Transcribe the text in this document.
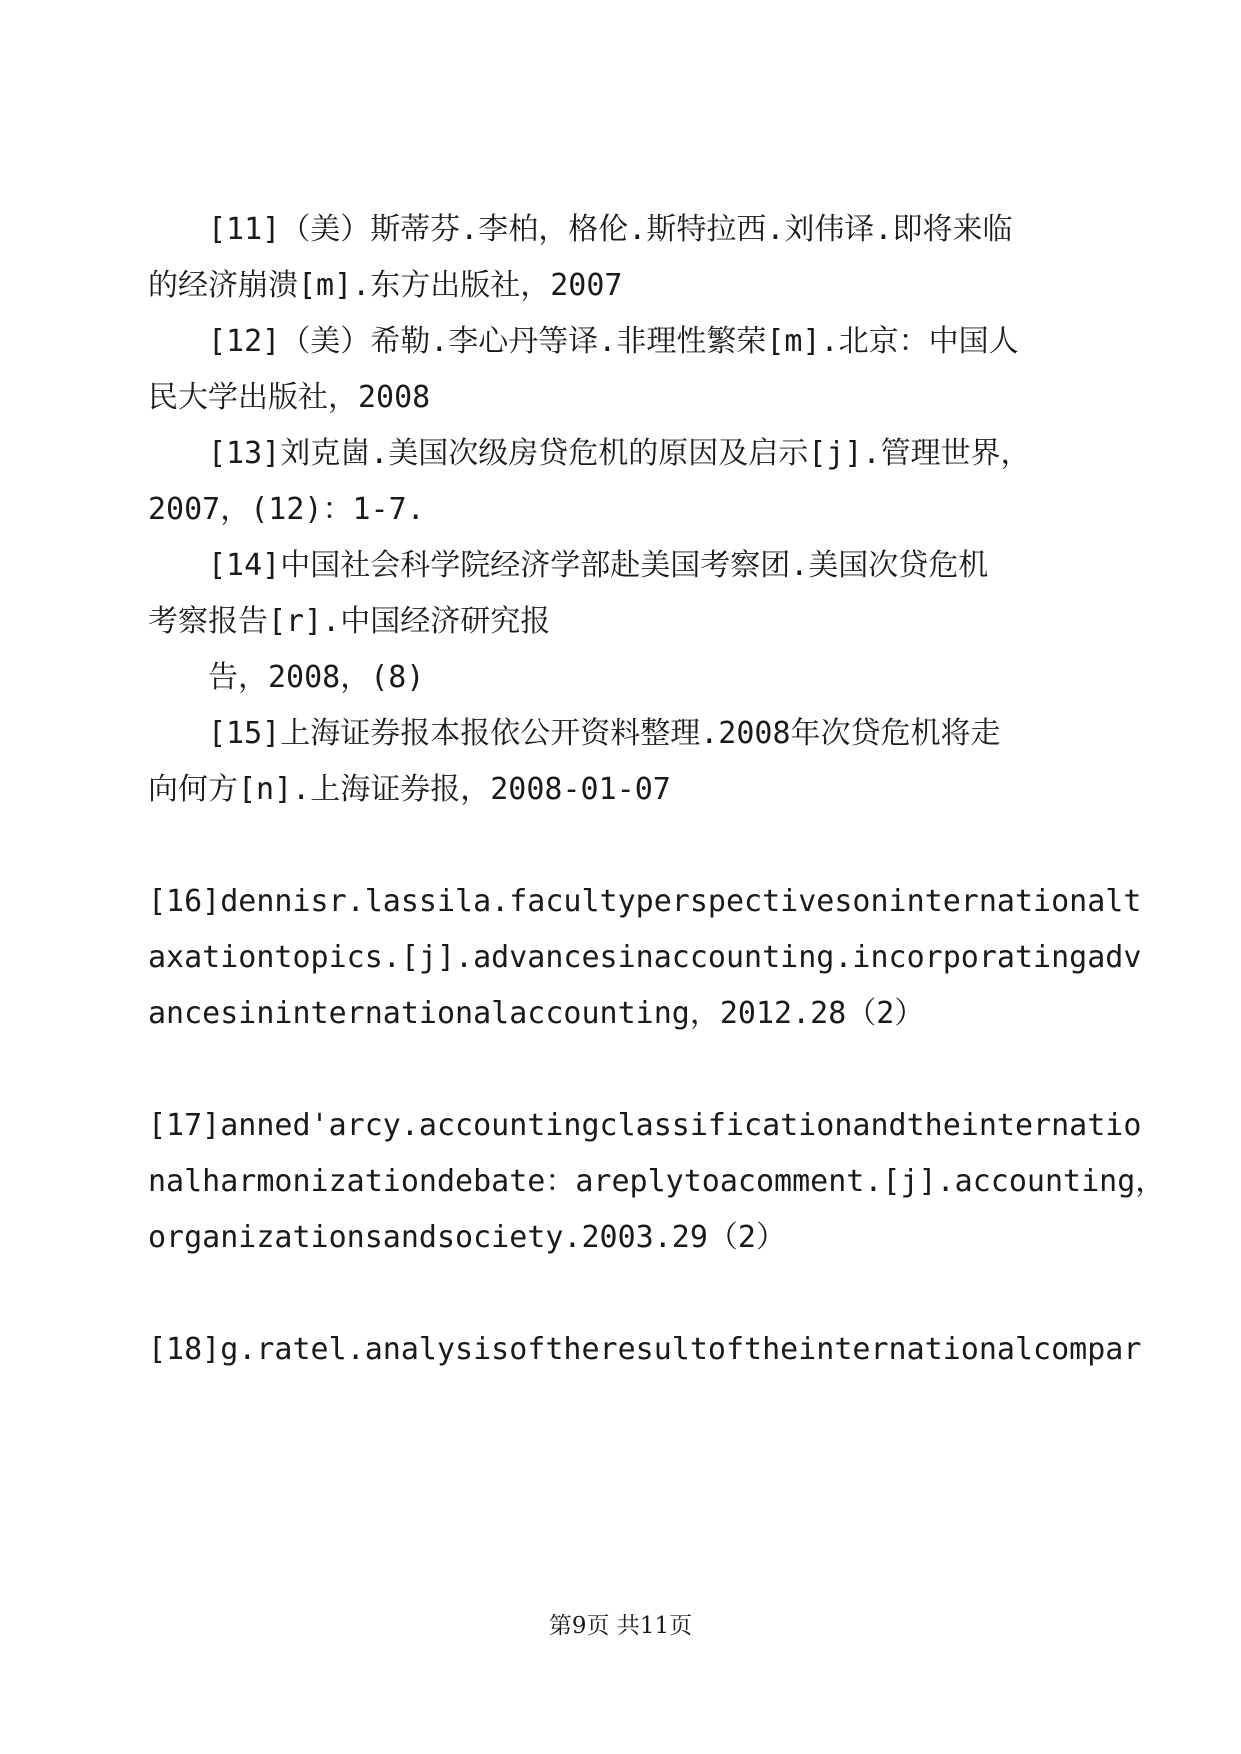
[11]（美）斯蒂芬.李柏，格伦.斯特拉西.刘伟译.即将来临
的经济崩溃[m].东方出版社，2007
[12]（美）希勒.李心丹等译.非理性繁荣[m].北京：中国人
民大学出版社，2008
[13]刘克崮.美国次级房贷危机的原因及启示[j].管理世界，
2007，(12)：1-7.
[14]中国社会科学院经济学部赴美国考察团.美国次贷危机
考察报告[r].中国经济研究报
告，2008，(8)
[15]上海证券报本报依公开资料整理.2008年次贷危机将走
向何方[n].上海证券报，2008-01-07
[16]dennisr.lassila.facultyperspectivesoninternationalt
axationtopics.[j].advancesinaccounting.incorporatingadv
ancesininternationalaccounting，2012.28（2）
[17]anned'arcy.accountingclassificationandtheinternatio
nalharmonizationdebate：areplytoacomment.[j].accounting，
organizationsandsociety.2003.29（2）
[18]g.ratel.analysisoftheresultoftheinternationalcompar
第9页 共11页
